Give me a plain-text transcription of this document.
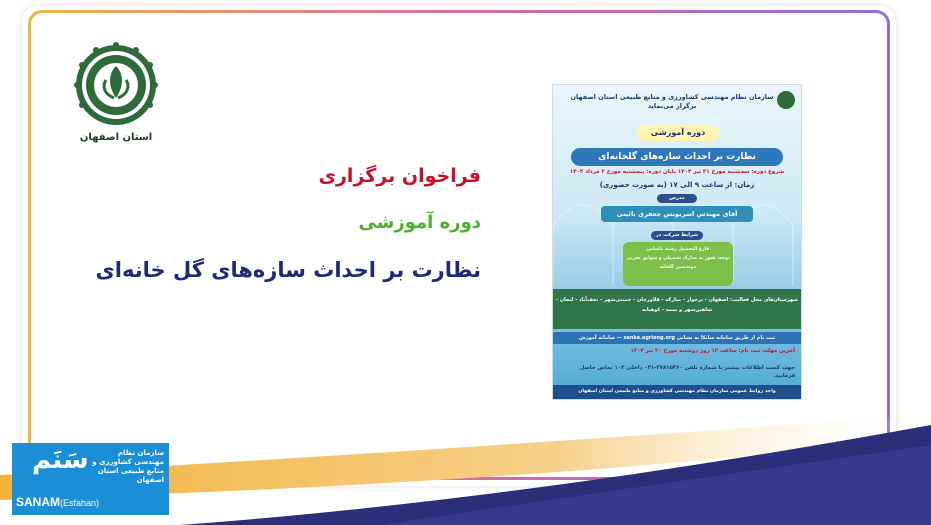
استان اصفهان
فراخوان برگزاری
دوره آموزشی
نظارت بر احداث سازه‌های گل خانه‌ای
سازمان نظام مهندسی کشاورزی و منابع طبیعی استان اصفهان برگزار می‌نماید
دوره آموزشی
نظارت بر احداث سازه‌های گلخانه‌ای
شروع دوره: سه‌شنبه مورخ ۳۱ تیر ۱۴۰۴ پایان دوره: پنجشنبه مورخ ۲ مرداد ۱۴۰۴
زمان: از ساعت ۹ الی ۱۷ (به صورت حضوری)
مدرس
آقای مهندس اسریونس جعفری نائینی
شرایط شرکت در
فارغ التحصیل رشته باغبانی
توجه: هنوز به مدارک تحصیلی و سوابق تجربی
مهندسین گلخانه
شهرستان‌های محل فعالیت: اصفهان - برخوار - مبارکه - فلاورجان - خمینی‌شهر - نجف‌آباد - لنجان - شاهین‌شهر و میمه - کوهپایه
ثبت نام از طریق سامانه سانکا به نشانی sanka.agrieng.org — سامانه آموزش
آخرین مهلت ثبت نام: ساعت ۱۲ روز دوشنبه مورخ ۳۰ تیر ۱۴۰۴
جهت کسب اطلاعات بیشتر با شماره تلفن ۳۷۸۱۵۳۶۰-۰۳۱ داخلی ۱۰۴ تماس حاصل فرمایید.
واحد روابط عمومی سازمان نظام مهندسی کشاورزی و منابع طبیعی استان اصفهان
سَنَم	سازمان نظام مهندسی کشاورزی و منابع طبیعی استان اصفهان
SANAM(Esfahan)
